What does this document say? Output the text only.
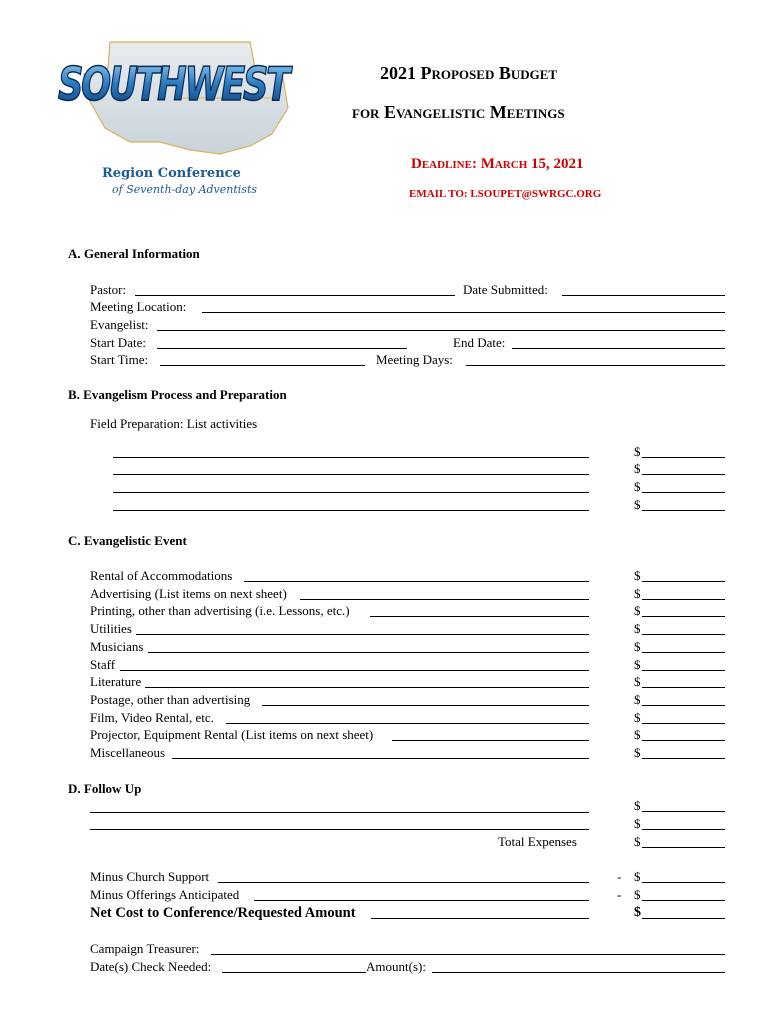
SOUTHWEST
Region Conference
of Seventh-day Adventists
2021 Proposed Budget
for Evangelistic Meetings
Deadline: March 15, 2021
EMAIL TO: LSOUPET@SWRGC.ORG
A. General Information
Pastor:	Date Submitted:
Meeting Location:
Evangelist:
Start Date:	End Date:
Start Time:	Meeting Days:
B. Evangelism Process and Preparation
Field Preparation: List activities
$
$
$
$
C. Evangelistic Event
Rental of Accommodations	$
Advertising (List items on next sheet)	$
Printing, other than advertising (i.e. Lessons, etc.)	$
Utilities	$
Musicians	$
Staff	$
Literature	$
Postage, other than advertising	$
Film, Video Rental, etc.	$
Projector, Equipment Rental (List items on next sheet)	$
Miscellaneous	$
D. Follow Up
$
$
Total Expenses	$
Minus Church Support	- $
Minus Offerings Anticipated	- $
Net Cost to Conference/Requested Amount	$
Campaign Treasurer:
Date(s) Check Needed:	Amount(s):
